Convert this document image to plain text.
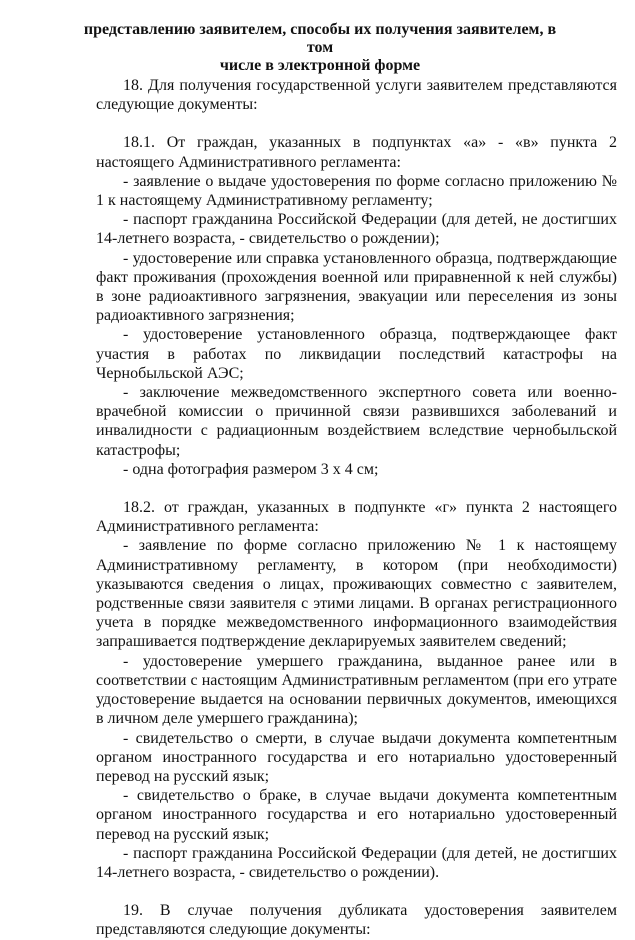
представлению заявителем, способы их получения заявителем, в том
числе в электронной форме

18. Для получения государственной услуги заявителем представляются следующие документы:

18.1. От граждан, указанных в подпунктах «а» - «в» пункта 2 настоящего Административного регламента:

- заявление о выдаче удостоверения по форме согласно приложению № 1 к настоящему Административному регламенту;

- паспорт гражданина Российской Федерации (для детей, не достигших 14-летнего возраста, - свидетельство о рождении);

- удостоверение или справка установленного образца, подтверждающие факт проживания (прохождения военной или приравненной к ней службы) в зоне радиоактивного загрязнения, эвакуации или переселения из зоны радиоактивного загрязнения;

- удостоверение установленного образца, подтверждающее факт участия в работах по ликвидации последствий катастрофы на Чернобыльской АЭС;

- заключение межведомственного экспертного совета или военно-врачебной комиссии о причинной связи развившихся заболеваний и инвалидности с радиационным воздействием вследствие чернобыльской катастрофы;

- одна фотография размером 3 х 4 см;

18.2. от граждан, указанных в подпункте «г» пункта 2 настоящего Административного регламента:

- заявление по форме согласно приложению № 1 к настоящему Административному регламенту, в котором (при необходимости) указываются сведения о лицах, проживающих совместно с заявителем, родственные связи заявителя с этими лицами. В органах регистрационного учета в порядке межведомственного информационного взаимодействия запрашивается подтверждение декларируемых заявителем сведений;

- удостоверение умершего гражданина, выданное ранее или в соответствии с настоящим Административным регламентом (при его утрате удостоверение выдается на основании первичных документов, имеющихся в личном деле умершего гражданина);

- свидетельство о смерти, в случае выдачи документа компетентным органом иностранного государства и его нотариально удостоверенный перевод на русский язык;

- свидетельство о браке, в случае выдачи документа компетентным органом иностранного государства и его нотариально удостоверенный перевод на русский язык;

- паспорт гражданина Российской Федерации (для детей, не достигших 14-летнего возраста, - свидетельство о рождении).

19. В случае получения дубликата удостоверения заявителем представляются следующие документы:
